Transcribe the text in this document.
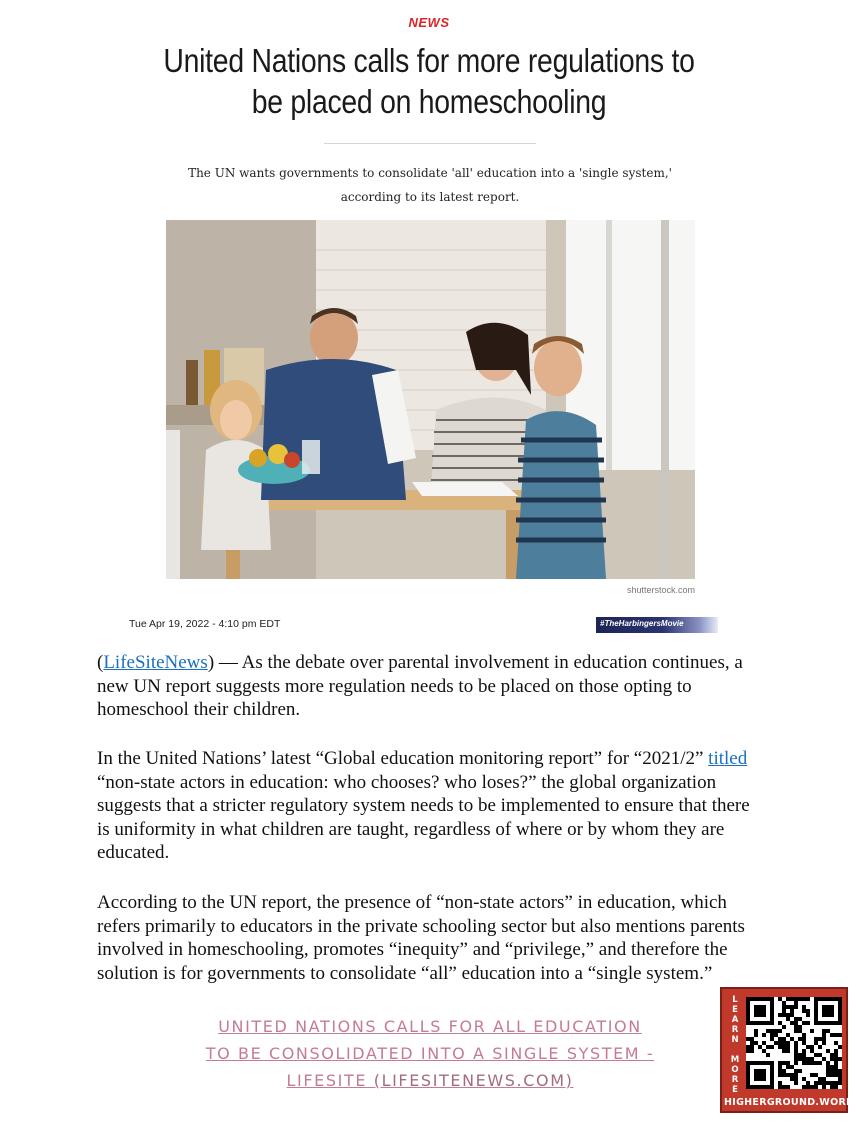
NEWS
United Nations calls for more regulations to be placed on homeschooling
The UN wants governments to consolidate 'all' education into a 'single system,' according to its latest report.
shutterstock.com
Tue Apr 19, 2022 - 4:10 pm EDT	#TheHarbingersMovie

(LifeSiteNews) — As the debate over parental involvement in education continues, a new UN report suggests more regulation needs to be placed on those opting to homeschool their children.

In the United Nations’ latest “Global education monitoring report” for “2021/2” titled “non-state actors in education: who chooses? who loses?” the global organization suggests that a stricter regulatory system needs to be implemented to ensure that there is uniformity in what children are taught, regardless of where or by whom they are educated.

According to the UN report, the presence of “non-state actors” in education, which refers primarily to educators in the private schooling sector but also mentions parents involved in homeschooling, promotes “inequity” and “privilege,” and therefore the solution is for governments to consolidate “all” education into a “single system.”

UNITED NATIONS CALLS FOR ALL EDUCATION
TO BE CONSOLIDATED INTO A SINGLE SYSTEM -
LIFESITE (LIFESITENEWS.COM)
L
E
A
R
N

M
O
R
E
HIGHERGROUND.WORK
